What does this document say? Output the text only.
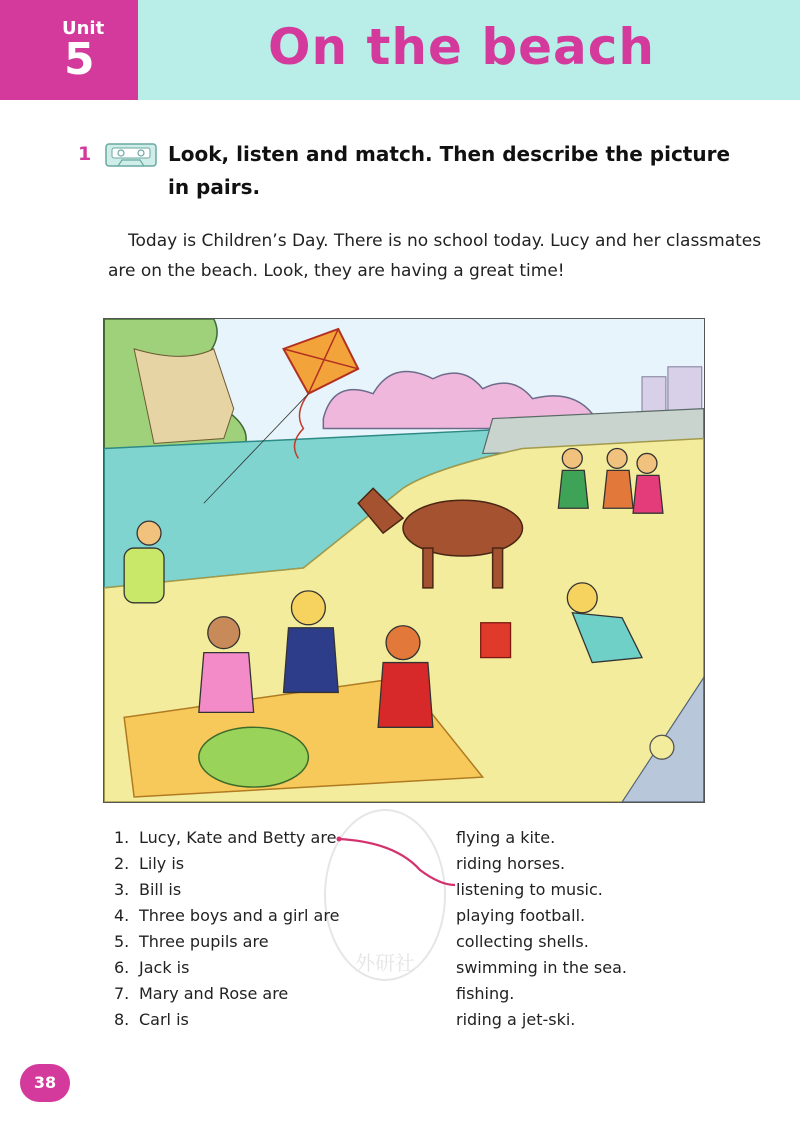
Unit
5	On the beach
1	Look, listen and match. Then describe the picture
in pairs.
Today is Children’s Day. There is no school today. Lucy and her classmates
are on the beach. Look, they are having a great time!
外研社
1. Lucy, Kate and Betty are
2. Lily is
3. Bill is
4. Three boys and a girl are
5. Three pupils are
6. Jack is
7. Mary and Rose are
8. Carl is
flying a kite.
riding horses.
listening to music.
playing football.
collecting shells.
swimming in the sea.
fishing.
riding a jet-ski.
38
